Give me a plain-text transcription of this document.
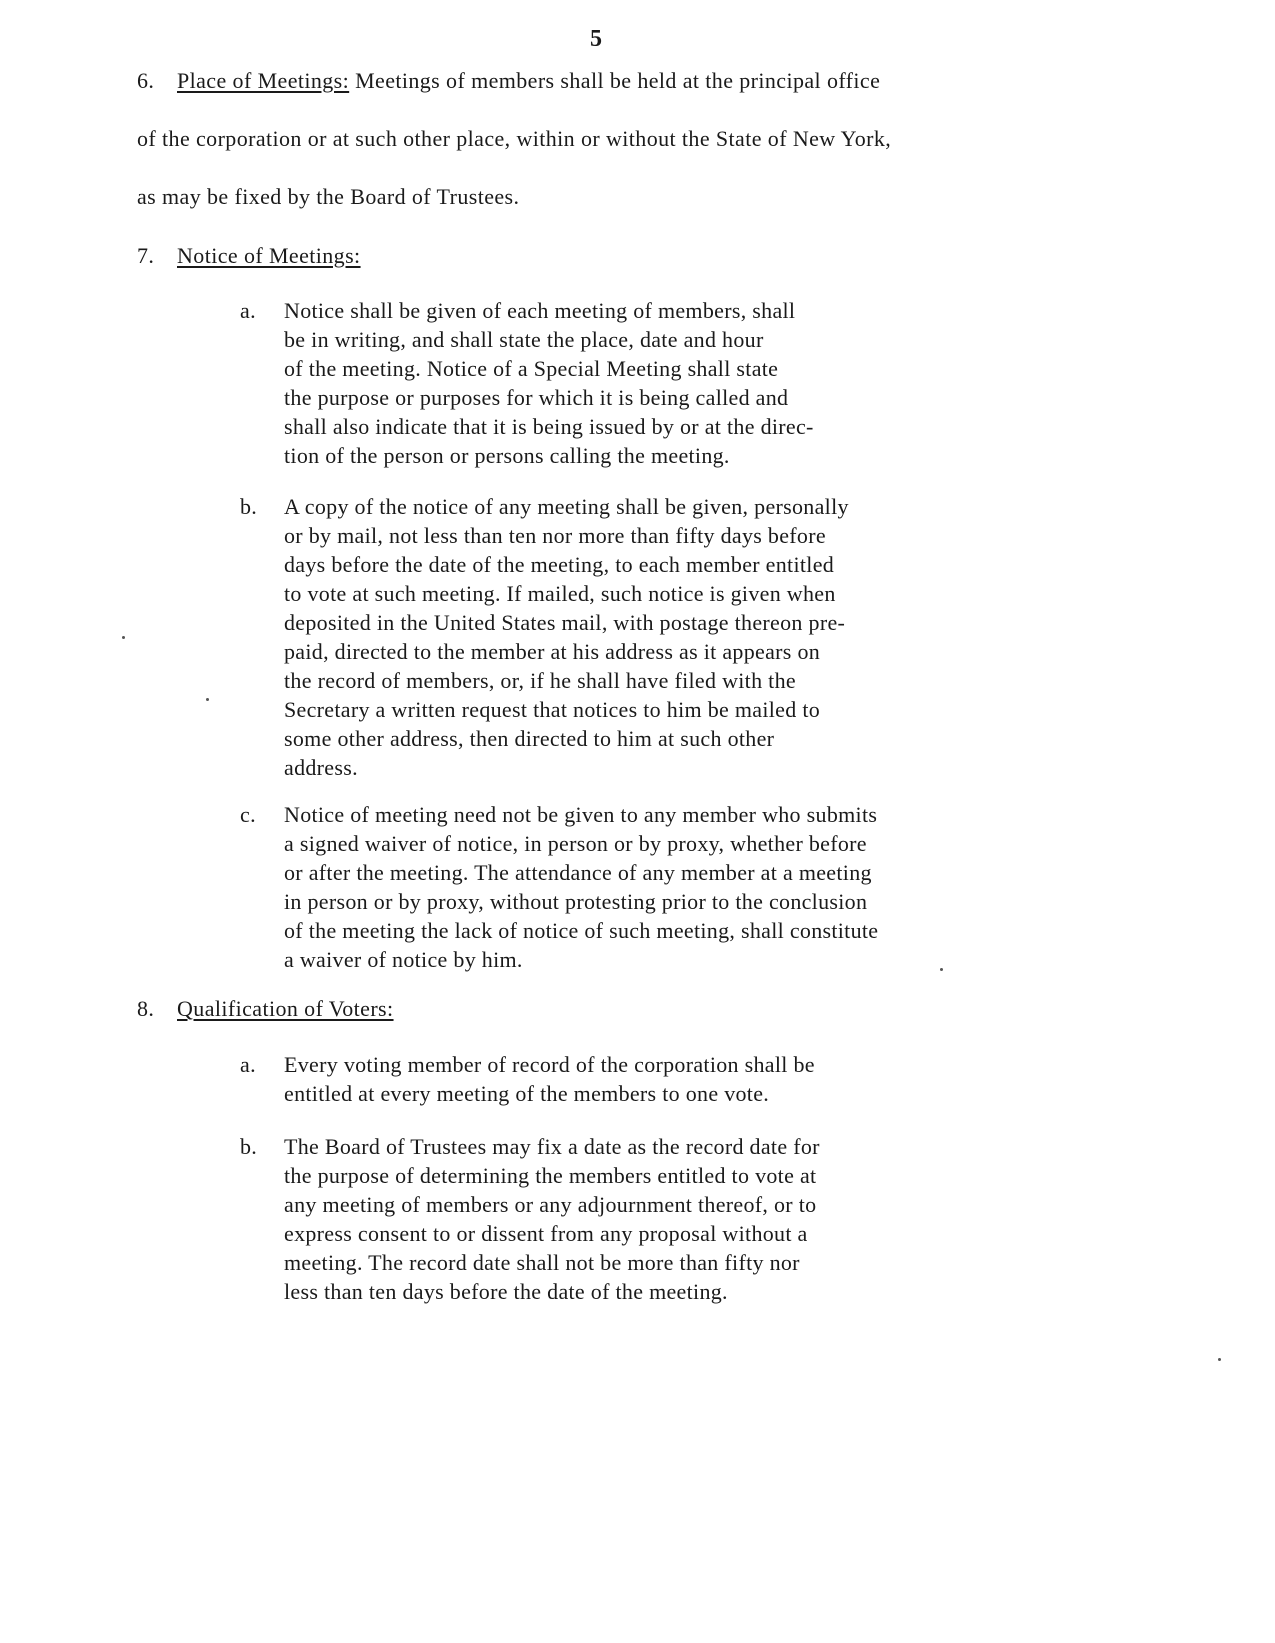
5
6. Place of Meetings: Meetings of members shall be held at the principal office
of the corporation or at such other place, within or without the State of New York,
as may be fixed by the Board of Trustees.
7. Notice of Meetings:
a.	Notice shall be given of each meeting of members, shall
be in writing, and shall state the place, date and hour
of the meeting. Notice of a Special Meeting shall state
the purpose or purposes for which it is being called and
shall also indicate that it is being issued by or at the direc-
tion of the person or persons calling the meeting.
b.	A copy of the notice of any meeting shall be given, personally
or by mail, not less than ten nor more than fifty days before
days before the date of the meeting, to each member entitled
to vote at such meeting. If mailed, such notice is given when
deposited in the United States mail, with postage thereon pre-
paid, directed to the member at his address as it appears on
the record of members, or, if he shall have filed with the
Secretary a written request that notices to him be mailed to
some other address, then directed to him at such other
address.
c.	Notice of meeting need not be given to any member who submits
a signed waiver of notice, in person or by proxy, whether before
or after the meeting. The attendance of any member at a meeting
in person or by proxy, without protesting prior to the conclusion
of the meeting the lack of notice of such meeting, shall constitute
a waiver of notice by him.
8. Qualification of Voters:
a.	Every voting member of record of the corporation shall be
entitled at every meeting of the members to one vote.
b.	The Board of Trustees may fix a date as the record date for
the purpose of determining the members entitled to vote at
any meeting of members or any adjournment thereof, or to
express consent to or dissent from any proposal without a
meeting. The record date shall not be more than fifty nor
less than ten days before the date of the meeting.
